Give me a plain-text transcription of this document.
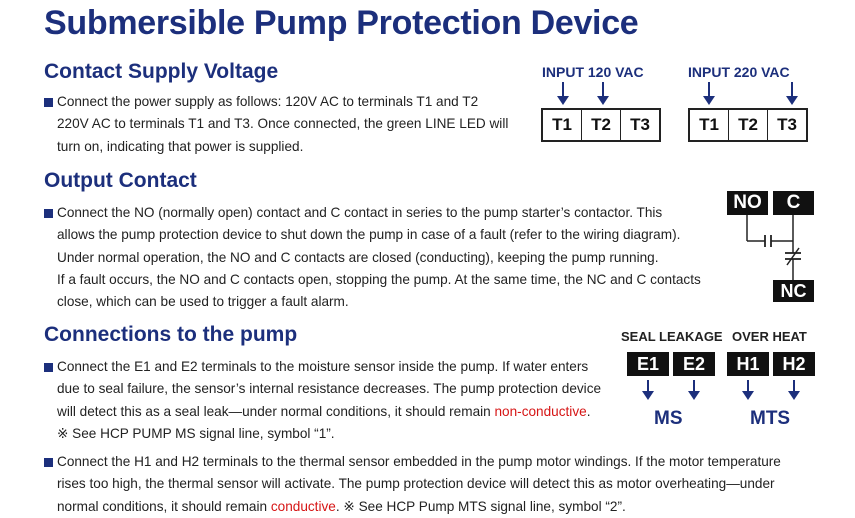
Submersible Pump Protection Device
Contact Supply Voltage
Connect the power supply as follows: 120V AC to terminals T1 and T2
220V AC to terminals T1 and T3. Once connected, the green LINE LED will
turn on, indicating that power is supplied.
INPUT 120 VAC
T1	T2	T3
INPUT 220 VAC
T1	T2	T3
Output Contact
Connect the NO (normally open) contact and C contact in series to the pump starter’s contactor. This
allows the pump protection device to shut down the pump in case of a fault (refer to the wiring diagram).
Under normal operation, the NO and C contacts are closed (conducting), keeping the pump running.
If a fault occurs, the NO and C contacts open, stopping the pump. At the same time, the NC and C contacts
close, which can be used to trigger a fault alarm.
NO	C
NC
Connections to the pump
Connect the E1 and E2 terminals to the moisture sensor inside the pump. If water enters
due to seal failure, the sensor’s internal resistance decreases. The pump protection device
will detect this as a seal leak—under normal conditions, it should remain non-conductive.
※ See HCP PUMP MS signal line, symbol “1”.
Connect the H1 and H2 terminals to the thermal sensor embedded in the pump motor windings. If the motor temperature
rises too high, the thermal sensor will activate. The pump protection device will detect this as motor overheating—under
normal conditions, it should remain conductive. ※ See HCP Pump MTS signal line, symbol “2”.
SEAL LEAKAGE OVER HEAT
E1	E2	H1	H2
MS	MTS
